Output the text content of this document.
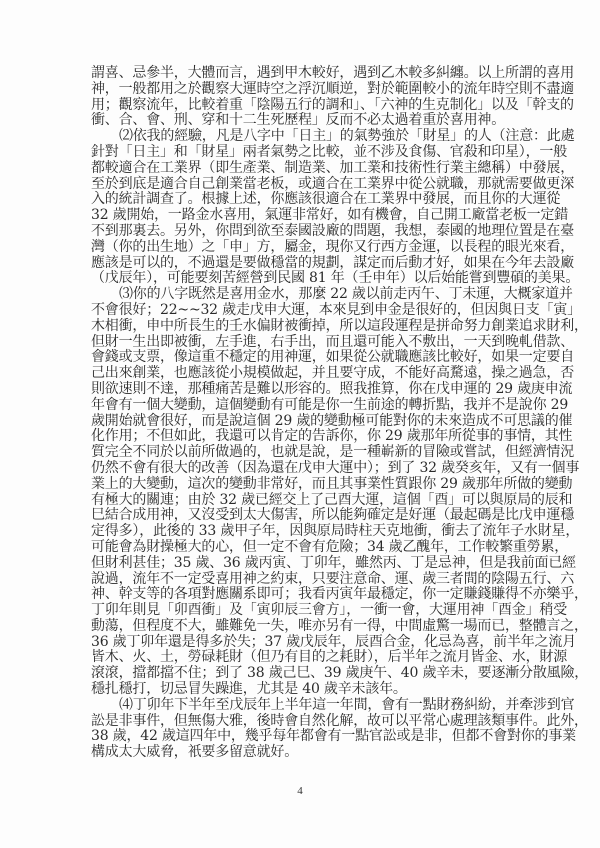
謂喜、忌參半，大體而言，遇到甲木較好，遇到乙木較多糾纏。以上所謂的喜用
神，一般都用之於觀察大運時空之浮沉順逆，對於範圍較小的流年時空則不盡適
用；觀察流年，比較着重「陰陽五行的調和」、「六神的生克制化」以及「幹支的
衝、合、會、刑、穿和十二生死歷程」反而不必太過着重於喜用神。
⑵依我的經驗，凡是八字中「日主」的氣勢強於「財星」的人（注意：此處
針對「日主」和「財星」兩者氣勢之比較，並不涉及食傷、官殺和印星），一般
都較適合在工業界（即生產業、制造業、加工業和技術性行業主總稱）中發展，
至於到底是適合自己創業當老板，或適合在工業界中從公就職，那就需要做更深
入的統計調查了。根據上述，你應該很適合在工業界中發展，而且你的大運從
32 歲開始，一路金水喜用，氣運非常好，如有機會，自己開工廠當老板一定錯
不到那裏去。另外，你問到欲至泰國設廠的問題，我想，泰國的地理位置是在臺
灣（你的出生地）之「申」方，屬金，現你又行西方金運，以長程的眼光來看，
應該是可以的，不過還是要做穩當的規劃，謀定而后動才好，如果在今年去設廠
（戊辰年），可能要刻苦經營到民國 81 年（壬申年）以后始能嘗到豐碩的美果。
⑶你的八字既然是喜用金水，那麼 22 歲以前走丙午、丁未運，大概家道并
不會很好；22~~32 歲走戊申大運，本來見到申金是很好的，但因與日支「寅」
木相衝，申中所長生的壬水偏財被衝掉，所以這段運程是拼命努力創業追求財利，
但財一生出即被衝，左手進，右手出，而且還可能入不敷出，一天到晚軋借款、
會錢或支票，像這重不穩定的用神運，如果從公就職應該比較好，如果一定要自
己出來創業，也應該從小規模做起，并且要守成，不能好高騖遠，操之過急，否
則欲速則不達，那種痛苦是難以形容的。照我推算，你在戊申運的 29 歲庚申流
年會有一個大變動，這個變動有可能是你一生前途的轉折點，我并不是說你 29
歲開始就會很好，而是說這個 29 歲的變動極可能對你的未來造成不可思議的催
化作用；不但如此，我還可以肯定的告訴你，你 29 歲那年所從事的事情，其性
質完全不同於以前所做過的，也就是說，是一種嶄新的冒險或嘗試，但經濟情況
仍然不會有很大的改善（因為還在戊申大運中）；到了 32 歲癸亥年，又有一個事
業上的大變動，這次的變動非常好，而且其事業性質跟你 29 歲那年所做的變動
有極大的關連；由於 32 歲已經交上了己酉大運，這個「酉」可以與原局的辰和
巳結合成用神，又沒受到太大傷害，所以能夠確定是好運（最起碼是比戊申運穩
定得多），此後的 33 歲甲子年，因與原局時柱天克地衝，衝去了流年子水財星，
可能會為財操極大的心，但一定不會有危險；34 歲乙醜年，工作較繁重勞累，
但財利甚佳；35 歲、36 歲丙寅、丁卯年，雖然丙、丁是忌神，但是我前面已經
說過，流年不一定受喜用神之約束，只要注意命、運、歲三者間的陰陽五行、六
神、幹支等的各項對應關系即可；我看丙寅年最穩定，你一定賺錢賺得不亦樂乎，
丁卯年則見「卯酉衝」及「寅卯辰三會方」，一衝一會，大運用神「酉金」稍受
動蕩，但程度不大，雖難免一失，唯亦另有一得，中間虛驚一場而已，整體言之，
36 歲丁卯年還是得多於失；37 歲戊辰年，辰酉合金，化忌為喜，前半年之流月
皆木、火、土，勞碌耗財（但乃有目的之耗財），后半年之流月皆金、水，財源
滾滾，擋都擋不住；到了 38 歲己巳、39 歲庚午、40 歲辛未，要逐漸分散風險，
穩扎穩打，切忌冒失躁進，尤其是 40 歲辛未該年。
⑷丁卯年下半年至戊辰年上半年這一年間，會有一點財務糾紛，并牽涉到官
訟是非事件，但無傷大雅，後時會自然化解，故可以平常心處理該類事件。此外，
38 歲，42 歲這四年中，幾乎每年都會有一點官訟或是非，但都不會對你的事業
構成太大威脅，衹要多留意就好。
4
